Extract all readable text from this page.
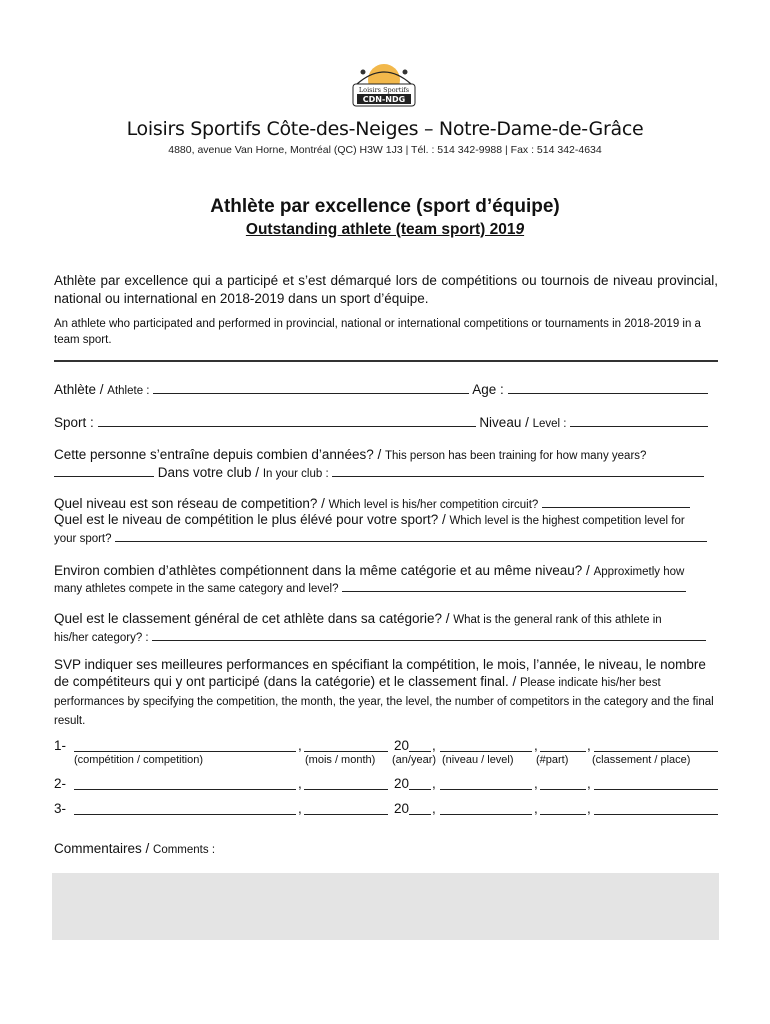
Loisirs Sportifs
CDN-NDG
Loisirs Sportifs Côte-des-Neiges – Notre-Dame-de-Grâce
4880, avenue Van Horne, Montréal (QC) H3W 1J3 | Tél. : 514 342-9988 | Fax : 514 342-4634
Athlète par excellence (sport d’équipe)
Outstanding athlete (team sport) 2019
Athlète par excellence qui a participé et s’est démarqué lors de compétitions ou tournois de niveau provincial, national ou international en 2018-2019 dans un sport d’équipe.
An athlete who participated and performed in provincial, national or international competitions or tournaments in 2018-2019 in a team sport.
Athlète / Athlete :	Age :
Sport :	Niveau / Level :
Cette personne s’entraîne depuis combien d’années? / This person has been training for how many years?
Dans votre club / In your club :
Quel niveau est son réseau de competition? / Which level is his/her competition circuit?
Quel est le niveau de compétition le plus élévé pour votre sport? / Which level is the highest competition level for
your sport?
Environ combien d’athlètes compétionnent dans la même catégorie et au même niveau? / Approximetly how
many athletes compete in the same category and level?
Quel est le classement général de cet athlète dans sa catégorie? / What is the general rank of this athlete in
his/her category? :
SVP indiquer ses meilleures performances en spécifiant la compétition, le mois, l’année, le niveau, le nombre de compétiteurs qui y ont participé (dans la catégorie) et le classement final. / Please indicate his/her best performances by specifying the competition, the month, the year, the level, the number of competitors in the category and the final result.
1-	,	20 ,	,	,
(compétition / competition)	(mois / month) (an/year) (niveau / level) (#part) (classement / place)
2-	,	20 ,	,	,
3-	,	20 ,	,	,
Commentaires / Comments :
